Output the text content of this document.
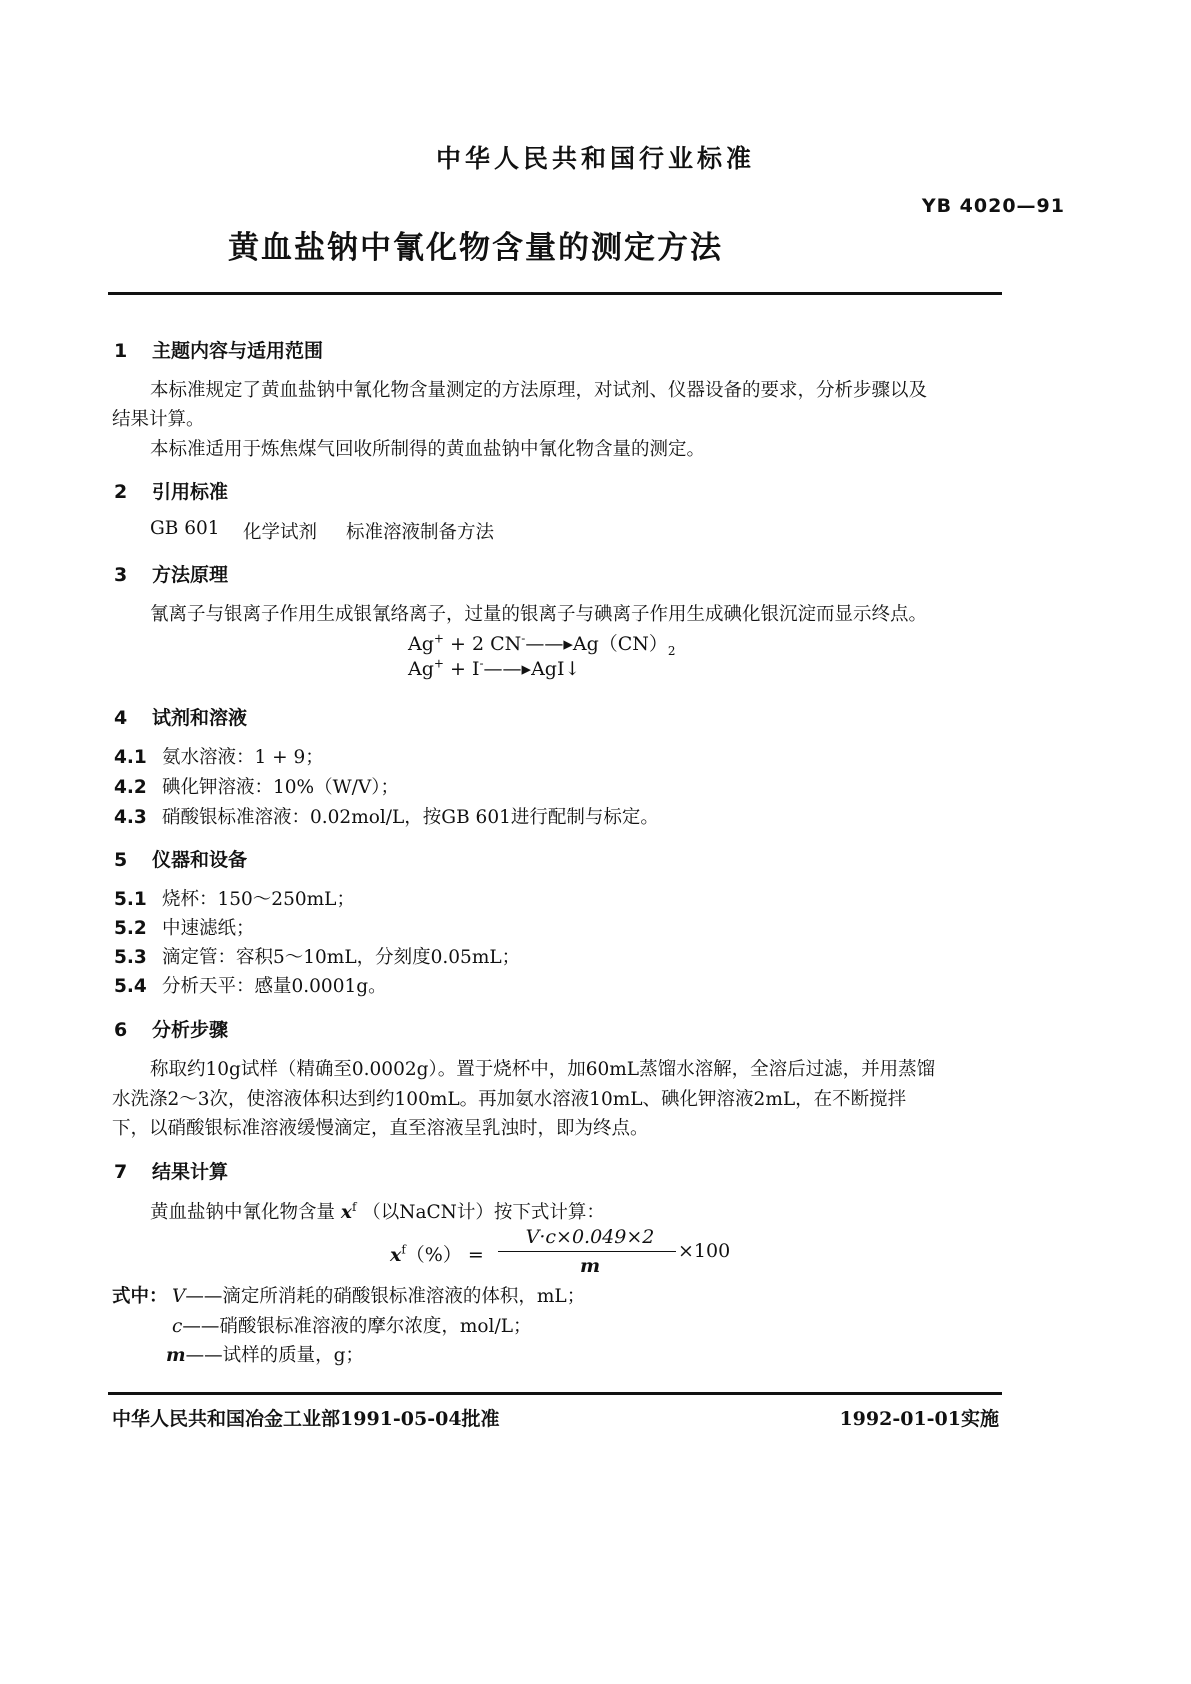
中华人民共和国行业标准
YB 4020—91
黄血盐钠中氰化物含量的测定方法
1 主题内容与适用范围
本标准规定了黄血盐钠中氰化物含量测定的方法原理，对试剂、仪器设备的要求，分析步骤以及
结果计算。
本标准适用于炼焦煤气回收所制得的黄血盐钠中氰化物含量的测定。
2 引用标准
GB 601 化学试剂 标准溶液制备方法
3 方法原理
氰离子与银离子作用生成银氰络离子，过量的银离子与碘离子作用生成碘化银沉淀而显示终点。
Ag+ + 2 $CN^-——▸Ag(CN)_2$
Ag+ + I-——▸AgI↓
4 试剂和溶液
4.1 氨水溶液：1 + 9；
4.2 碘化钾溶液：10%（W/V）；
4.3 硝酸银标准溶液：0.02mol/L，按GB 601进行配制与标定。
5 仪器和设备
5.1 烧杯：150～250mL；
5.2 中速滤纸；
5.3 滴定管：容积5～10mL，分刻度0.05mL；
5.4 分析天平：感量0.0001g。
6 分析步骤
称取约10g试样（精确至0.0002g）。置于烧杯中，加60mL蒸馏水溶解，全溶后过滤，并用蒸馏
水洗涤2～3次，使溶液体积达到约100mL。再加氨水溶液10mL、碘化钾溶液2mL，在不断搅拌
下，以硝酸银标准溶液缓慢滴定，直至溶液呈乳浊时，即为终点。
7 结果计算
黄血盐钠中氰化物含量 $x^f$ （以NaCN计）按下式计算：
$x^f(\%)$ =
V·c×0.049×2
m
×100
式中： V——滴定所消耗的硝酸银标准溶液的体积，mL；
c——硝酸银标准溶液的摩尔浓度，mol/L；
m——试样的质量，g；
中华人民共和国冶金工业部1991-05-04批准	1992-01-01实施
